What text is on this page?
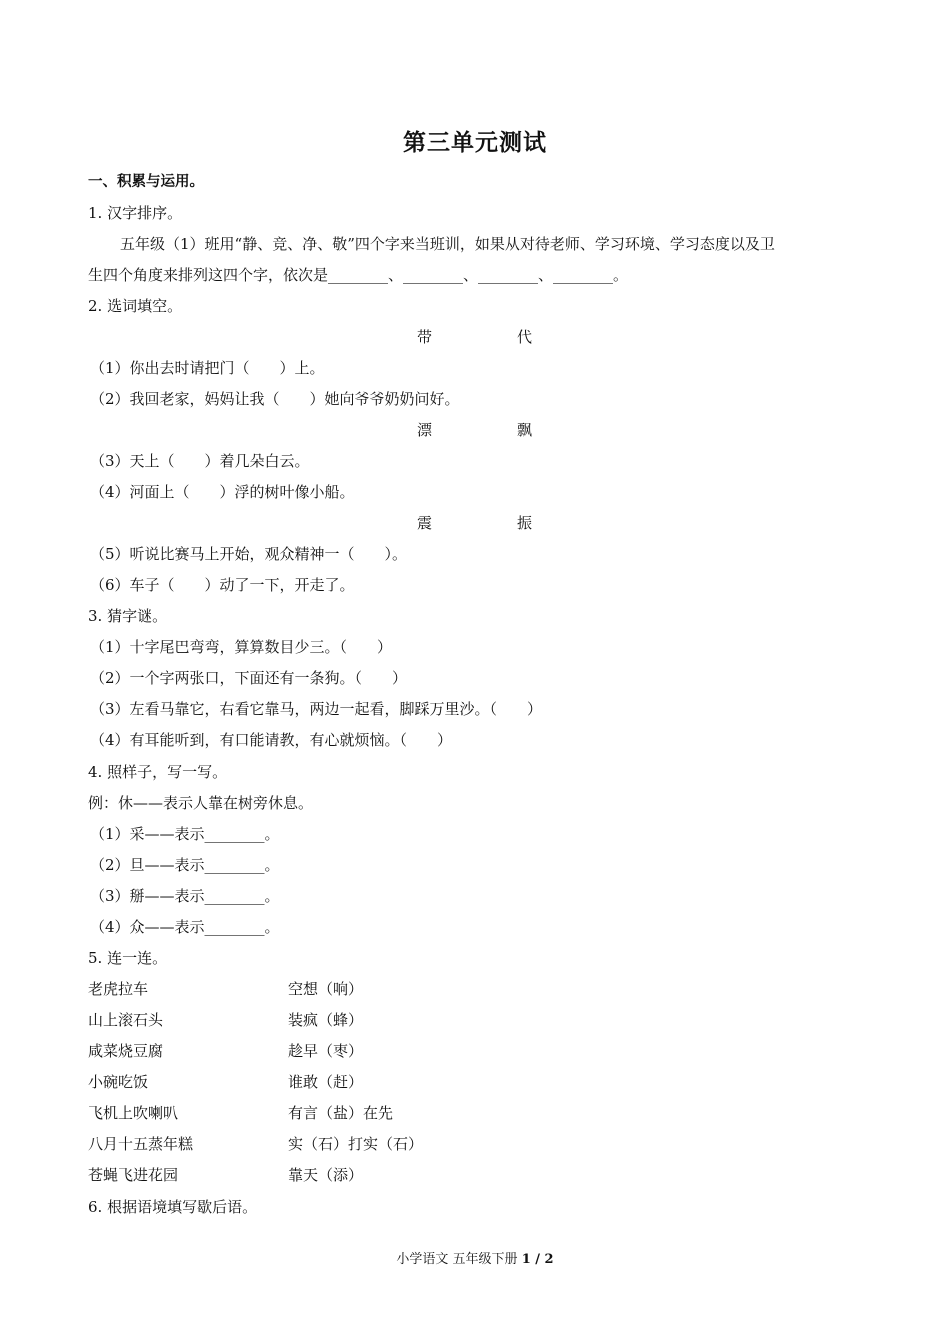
第三单元测试
一、积累与运用。
1. 汉字排序。
五年级（1）班用“静、竞、净、敬”四个字来当班训，如果从对待老师、学习环境、学习态度以及卫
生四个角度来排列这四个字，依次是________、________、________、________。
2. 选词填空。
带	代
（1）你出去时请把门（　　）上。
（2）我回老家，妈妈让我（　　）她向爷爷奶奶问好。
漂	飘
（3）天上（　　）着几朵白云。
（4）河面上（　　）浮的树叶像小船。
震	振
（5）听说比赛马上开始，观众精神一（　　）。
（6）车子（　　）动了一下，开走了。
3. 猜字谜。
（1）十字尾巴弯弯，算算数目少三。（　　）
（2）一个字两张口，下面还有一条狗。（　　）
（3）左看马靠它，右看它靠马，两边一起看，脚踩万里沙。（　　）
（4）有耳能听到，有口能请教，有心就烦恼。（　　）
4. 照样子，写一写。
例：休——表示人靠在树旁休息。
（1）采——表示________。
（2）旦——表示________。
（3）掰——表示________。
（4）众——表示________。
5. 连一连。
老虎拉车	空想（响）
山上滚石头	装疯（蜂）
咸菜烧豆腐	趁早（枣）
小碗吃饭	谁敢（赶）
飞机上吹喇叭	有言（盐）在先
八月十五蒸年糕	实（石）打实（石）
苍蝇飞进花园	靠天（添）
6. 根据语境填写歇后语。
小学语文 五年级下册 1 / 2
